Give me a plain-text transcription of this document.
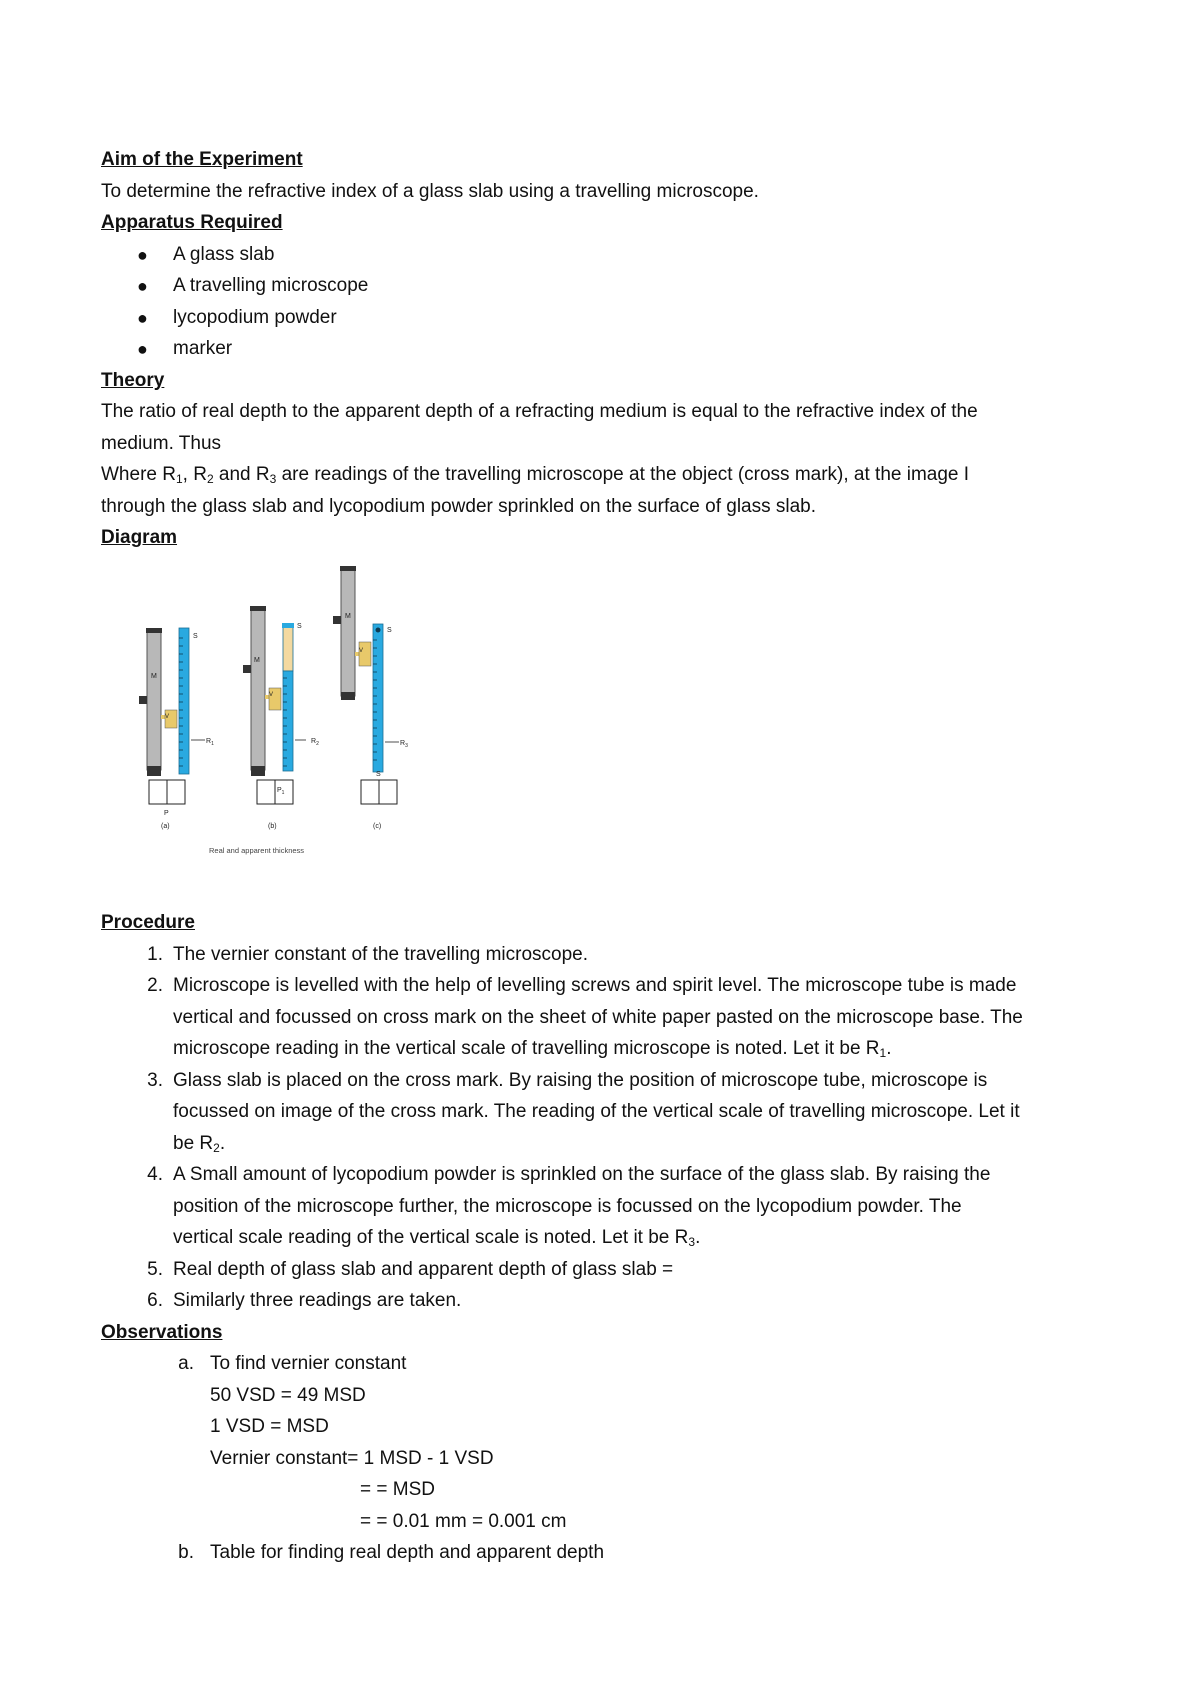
Aim of the Experiment
To determine the refractive index of a glass slab using a travelling microscope.
Apparatus Required
● A glass slab
● A travelling microscope
● lycopodium powder
● marker
Theory
The ratio of real depth to the apparent depth of a refracting medium is equal to the refractive index of the
medium. Thus
Where $R_1$, $R_2$ and $R_3$ are readings of the travelling microscope at the object (cross mark), at the image I
through the glass slab and lycopodium powder sprinkled on the surface of glass slab.
Diagram
S
M
V
$R_1$
P
(a)
S
M
V
$R_2$
$P_1$
(b)
S
M
V
$R_3$
S
(c)
Real and apparent thickness
Procedure
1. The vernier constant of the travelling microscope.
2. Microscope is levelled with the help of levelling screws and spirit level. The microscope tube is made
vertical and focussed on cross mark on the sheet of white paper pasted on the microscope base. The
microscope reading in the vertical scale of travelling microscope is noted. Let it be $R_1$.
3. Glass slab is placed on the cross mark. By raising the position of microscope tube, microscope is
focussed on image of the cross mark. The reading of the vertical scale of travelling microscope. Let it
be $R_2$.
4. A Small amount of lycopodium powder is sprinkled on the surface of the glass slab. By raising the
position of the microscope further, the microscope is focussed on the lycopodium powder. The
vertical scale reading of the vertical scale is noted. Let it be $R_3$.
5. Real depth of glass slab and apparent depth of glass slab =
6. Similarly three readings are taken.
Observations
a. To find vernier constant
50 VSD = 49 MSD
1 VSD = MSD
Vernier constant= 1 MSD - 1 VSD
= = MSD
= = 0.01 mm = 0.001 cm
b. Table for finding real depth and apparent depth
